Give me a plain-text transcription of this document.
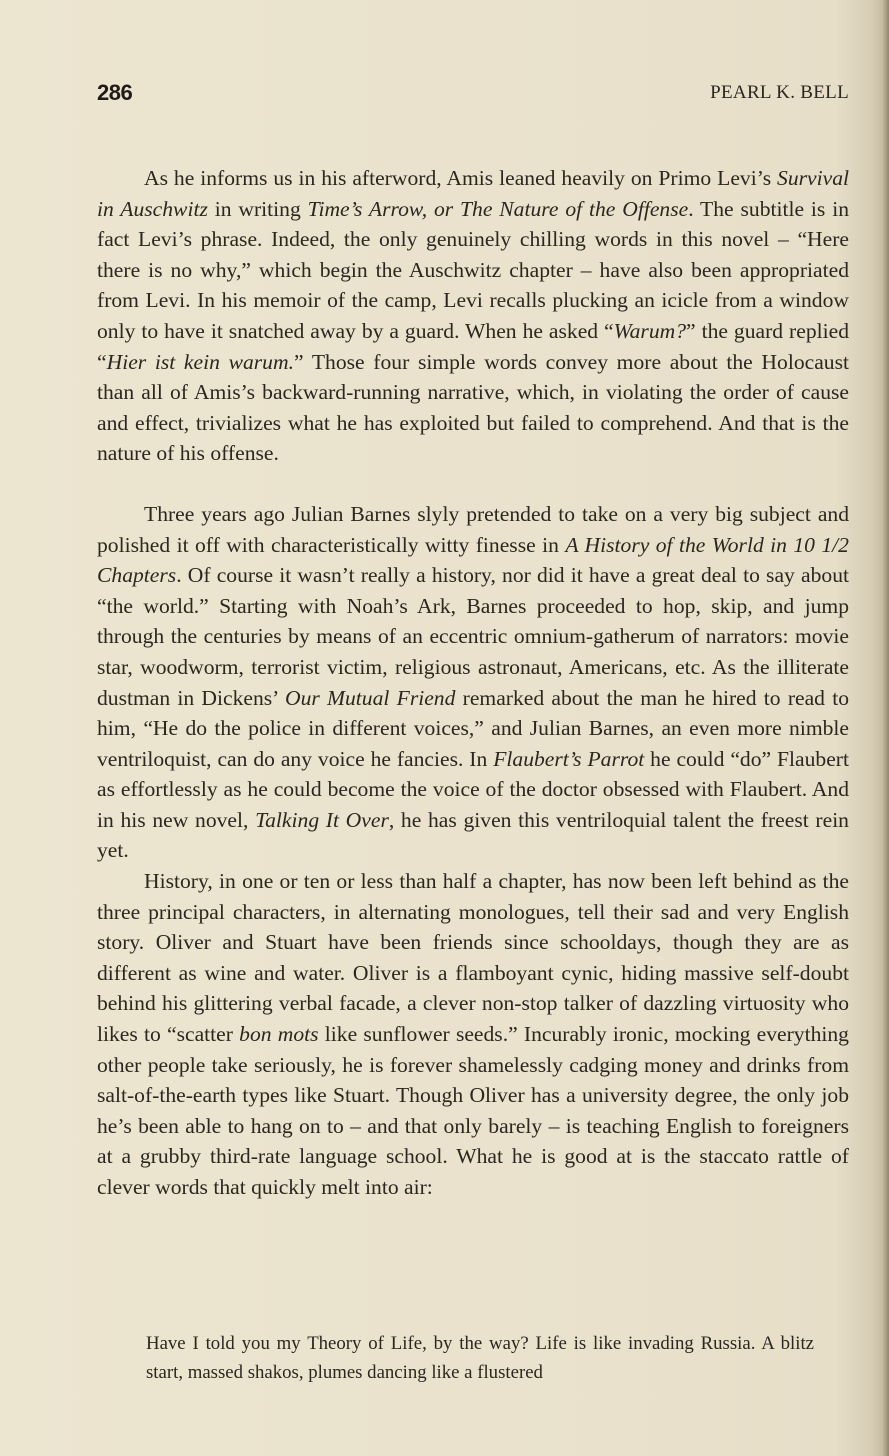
286	PEARL K. BELL

As he informs us in his afterword, Amis leaned heavily on Primo Levi’s Survival in Auschwitz in writing Time’s Arrow, or The Nature of the Offense. The subtitle is in fact Levi’s phrase. Indeed, the only genuinely chilling words in this novel – “Here there is no why,” which begin the Auschwitz chapter – have also been appropriated from Levi. In his memoir of the camp, Levi recalls plucking an icicle from a window only to have it snatched away by a guard. When he asked “Warum?” the guard replied “Hier ist kein warum.” Those four simple words convey more about the Holocaust than all of Amis’s backward-running narrative, which, in violating the order of cause and effect, trivializes what he has exploited but failed to comprehend. And that is the nature of his offense.

Three years ago Julian Barnes slyly pretended to take on a very big subject and polished it off with characteristically witty finesse in A History of the World in 10 1/2 Chapters. Of course it wasn’t really a history, nor did it have a great deal to say about “the world.” Starting with Noah’s Ark, Barnes proceeded to hop, skip, and jump through the centuries by means of an eccentric omnium-gatherum of narrators: movie star, woodworm, terrorist victim, religious astronaut, Americans, etc. As the illiterate dustman in Dickens’ Our Mutual Friend remarked about the man he hired to read to him, “He do the police in different voices,” and Julian Barnes, an even more nimble ventriloquist, can do any voice he fancies. In Flaubert’s Parrot he could “do” Flaubert as effortlessly as he could become the voice of the doctor obsessed with Flaubert. And in his new novel, Talking It Over, he has given this ventriloquial talent the freest rein yet.

History, in one or ten or less than half a chapter, has now been left behind as the three principal characters, in alternating monologues, tell their sad and very English story. Oliver and Stuart have been friends since schooldays, though they are as different as wine and water. Oliver is a flamboyant cynic, hiding massive self-doubt behind his glittering verbal facade, a clever non-stop talker of dazzling virtuosity who likes to “scatter bon mots like sunflower seeds.” Incurably ironic, mocking everything other people take seriously, he is forever shamelessly cadging money and drinks from salt-of-the-earth types like Stuart. Though Oliver has a university degree, the only job he’s been able to hang on to – and that only barely – is teaching English to foreigners at a grubby third-rate language school. What he is good at is the staccato rattle of clever words that quickly melt into air:

Have I told you my Theory of Life, by the way? Life is like invading Russia. A blitz start, massed shakos, plumes dancing like a flustered
